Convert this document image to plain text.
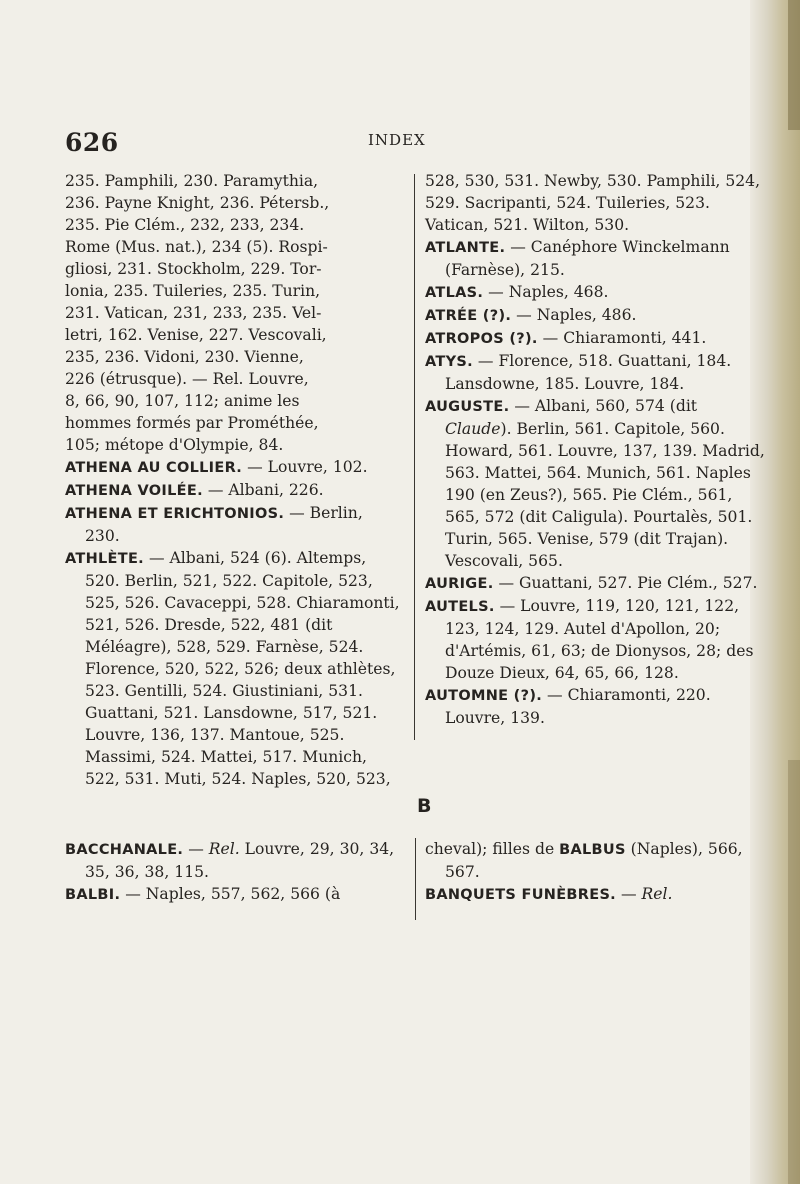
626	INDEX
235. Pamphili, 230. Paramythia,
236. Payne Knight, 236. Pétersb.,
235. Pie Clém., 232, 233, 234.
Rome (Mus. nat.), 234 (5). Rospi-
gliosi, 231. Stockholm, 229. Tor-
lonia, 235. Tuileries, 235. Turin,
231. Vatican, 231, 233, 235. Vel-
letri, 162. Venise, 227. Vescovali,
235, 236. Vidoni, 230. Vienne,
226 (étrusque). — Rel. Louvre,
8, 66, 90, 107, 112; anime les
hommes formés par Prométhée,
105; métope d'Olympie, 84.

ATHENA AU COLLIER. — Louvre, 102.

ATHENA VOILÉE. — Albani, 226.

ATHENA ET ERICHTONIOS. — Berlin, 230.

ATHLÈTE. — Albani, 524 (6). Altemps, 520. Berlin, 521, 522. Capitole, 523, 525, 526. Cavaceppi, 528. Chiaramonti, 521, 526. Dresde, 522, 481 (dit Méléagre), 528, 529. Farnèse, 524. Florence, 520, 522, 526; deux athlètes, 523. Gentilli, 524. Giustiniani, 531. Guattani, 521. Lansdowne, 517, 521. Louvre, 136, 137. Mantoue, 525. Massimi, 524. Mattei, 517. Munich, 522, 531. Muti, 524. Naples, 520, 523,

528, 530, 531. Newby, 530. Pamphili, 524, 529. Sacripanti, 524. Tuileries, 523. Vatican, 521. Wilton, 530.

ATLANTE. — Canéphore Winckelmann (Farnèse), 215.

ATLAS. — Naples, 468.

ATRÉE (?). — Naples, 486.

ATROPOS (?). — Chiaramonti, 441.

ATYS. — Florence, 518. Guattani, 184. Lansdowne, 185. Louvre, 184.

AUGUSTE. — Albani, 560, 574 (dit Claude). Berlin, 561. Capitole, 560. Howard, 561. Louvre, 137, 139. Madrid, 563. Mattei, 564. Munich, 561. Naples 190 (en Zeus?), 565. Pie Clém., 561, 565, 572 (dit Caligula). Pourtalès, 501. Turin, 565. Venise, 579 (dit Trajan). Vescovali, 565.

AURIGE. — Guattani, 527. Pie Clém., 527.

AUTELS. — Louvre, 119, 120, 121, 122, 123, 124, 129. Autel d'Apollon, 20; d'Artémis, 61, 63; de Dionysos, 28; des Douze Dieux, 64, 65, 66, 128.

AUTOMNE (?). — Chiaramonti, 220. Louvre, 139.

B

BACCHANALE. — Rel. Louvre, 29, 30, 34, 35, 36, 38, 115.

BALBI. — Naples, 557, 562, 566 (à

cheval); filles de BALBUS (Naples), 566, 567.

BANQUETS FUNÈBRES. — Rel.
